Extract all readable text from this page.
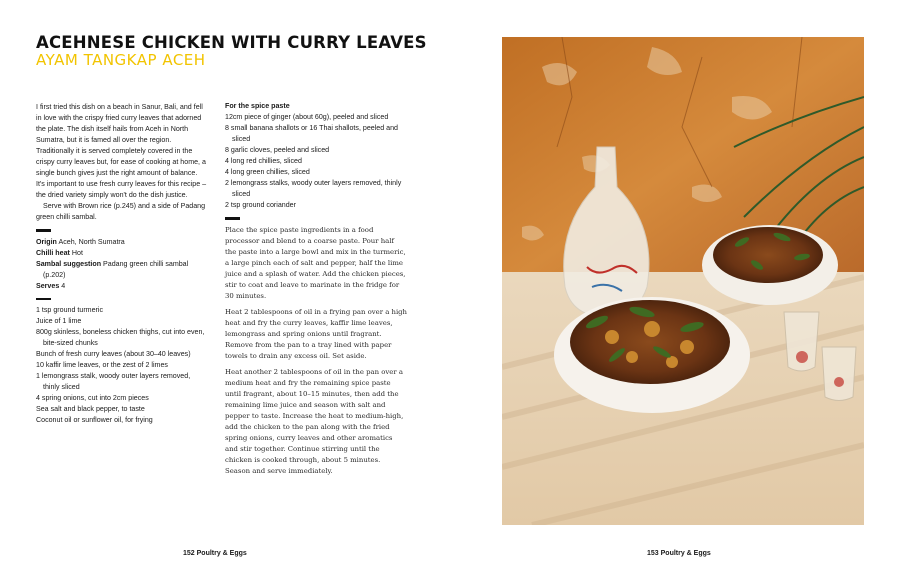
ACEHNESE CHICKEN WITH CURRY LEAVES
AYAM TANGKAP ACEH
I first tried this dish on a beach in Sanur, Bali, and fell in love with the crispy fried curry leaves that adorned the plate. The dish itself hails from Aceh in North Sumatra, but it is famed all over the region. Traditionally it is served completely covered in the crispy curry leaves but, for ease of cooking at home, a single bunch gives just the right amount of balance. It's important to use fresh curry leaves for this recipe – the dried variety simply won't do the dish justice.
Serve with Brown rice (p.245) and a side of Padang green chilli sambal.
Origin Aceh, North Sumatra
Chilli heat Hot
Sambal suggestion Padang green chilli sambal (p.202)
Serves 4
1 tsp ground turmeric
Juice of 1 lime
800g skinless, boneless chicken thighs, cut into even, bite-sized chunks
Bunch of fresh curry leaves (about 30–40 leaves)
10 kaffir lime leaves, or the zest of 2 limes
1 lemongrass stalk, woody outer layers removed, thinly sliced
4 spring onions, cut into 2cm pieces
Sea salt and black pepper, to taste
Coconut oil or sunflower oil, for frying
For the spice paste
12cm piece of ginger (about 60g), peeled and sliced
8 small banana shallots or 16 Thai shallots, peeled and sliced
8 garlic cloves, peeled and sliced
4 long red chillies, sliced
4 long green chillies, sliced
2 lemongrass stalks, woody outer layers removed, thinly sliced
2 tsp ground coriander
Place the spice paste ingredients in a food processor and blend to a coarse paste. Pour half the paste into a large bowl and mix in the turmeric, a large pinch each of salt and pepper, half the lime juice and a splash of water. Add the chicken pieces, stir to coat and leave to marinate in the fridge for 30 minutes.
Heat 2 tablespoons of oil in a frying pan over a high heat and fry the curry leaves, kaffir lime leaves, lemongrass and spring onions until fragrant. Remove from the pan to a tray lined with paper towels to drain any excess oil. Set aside.
Heat another 2 tablespoons of oil in the pan over a medium heat and fry the remaining spice paste until fragrant, about 10–15 minutes, then add the remaining lime juice and season with salt and pepper to taste. Increase the heat to medium-high, add the chicken to the pan along with the fried spring onions, curry leaves and other aromatics and stir together. Continue stirring until the chicken is cooked through, about 5 minutes. Season and serve immediately.
152 Poultry & Eggs	153 Poultry & Eggs
